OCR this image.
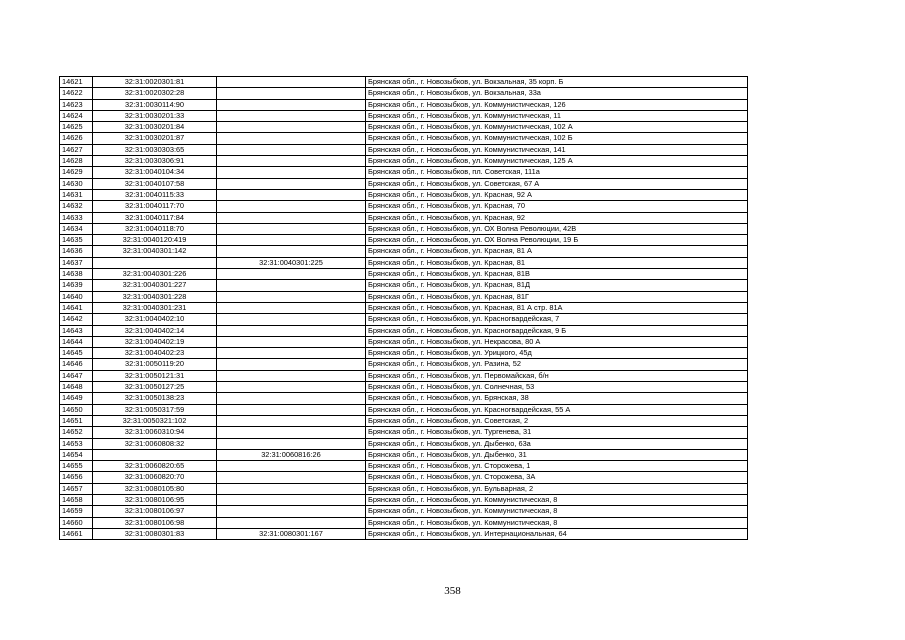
14621	32:31:0020301:81		Брянская обл., г. Новозыбков, ул. Вокзальная, 35 корп. Б
14622	32:31:0020302:28		Брянская обл., г. Новозыбков, ул. Вокзальная, 33а
14623	32:31:0030114:90		Брянская обл., г. Новозыбков, ул. Коммунистическая, 126
14624	32:31:0030201:33		Брянская обл., г. Новозыбков, ул. Коммунистическая, 11
14625	32:31:0030201:84		Брянская обл., г. Новозыбков, ул. Коммунистическая, 102 А
14626	32:31:0030201:87		Брянская обл., г. Новозыбков, ул. Коммунистическая, 102 Б
14627	32:31:0030303:65		Брянская обл., г. Новозыбков, ул. Коммунистическая, 141
14628	32:31:0030306:91		Брянская обл., г. Новозыбков, ул. Коммунистическая, 125 А
14629	32:31:0040104:34		Брянская обл., г. Новозыбков, пл. Советская, 111а
14630	32:31:0040107:58		Брянская обл., г. Новозыбков, ул. Советская, 67 А
14631	32:31:0040115:33		Брянская обл., г. Новозыбков, ул. Красная, 92 А
14632	32:31:0040117:70		Брянская обл., г. Новозыбков, ул. Красная, 70
14633	32:31:0040117:84		Брянская обл., г. Новозыбков, ул. Красная, 92
14634	32:31:0040118:70		Брянская обл., г. Новозыбков, ул. ОХ Волна Революции, 42В
14635	32:31:0040120:419		Брянская обл., г. Новозыбков, ул. ОХ Волна Революции, 19 Б
14636	32:31:0040301:142		Брянская обл., г. Новозыбков, ул. Красная, 81 А
14637		32:31:0040301:225	Брянская обл., г. Новозыбков, ул. Красная, 81
14638	32:31:0040301:226		Брянская обл., г. Новозыбков, ул. Красная, 81В
14639	32:31:0040301:227		Брянская обл., г. Новозыбков, ул. Красная, 81Д
14640	32:31:0040301:228		Брянская обл., г. Новозыбков, ул. Красная, 81Г
14641	32:31:0040301:231		Брянская обл., г. Новозыбков, ул. Красная, 81 А стр. 81А
14642	32:31:0040402:10		Брянская обл., г. Новозыбков, ул. Красногвардейская, 7
14643	32:31:0040402:14		Брянская обл., г. Новозыбков, ул. Красногвардейская, 9 Б
14644	32:31:0040402:19		Брянская обл., г. Новозыбков, ул. Некрасова, 80 А
14645	32:31:0040402:23		Брянская обл., г. Новозыбков, ул. Урицкого, 45д
14646	32:31:0050119:20		Брянская обл., г. Новозыбков, ул. Разина, 52
14647	32:31:0050121:31		Брянская обл., г. Новозыбков, ул. Первомайская, б/н
14648	32:31:0050127:25		Брянская обл., г. Новозыбков, ул. Солнечная, 53
14649	32:31:0050138:23		Брянская обл., г. Новозыбков, ул. Брянская, 38
14650	32:31:0050317:59		Брянская обл., г. Новозыбков, ул. Красногвардейская, 55 А
14651	32:31:0050321:102		Брянская обл., г. Новозыбков, ул. Советская, 2
14652	32:31:0060310:94		Брянская обл., г. Новозыбков, ул. Тургенева, 31
14653	32:31:0060808:32		Брянская обл., г. Новозыбков, ул. Дыбенко, 63а
14654		32:31:0060816:26	Брянская обл., г. Новозыбков, ул. Дыбенко, 31
14655	32:31:0060820:65		Брянская обл., г. Новозыбков, ул. Сторожева, 1
14656	32:31:0060820:70		Брянская обл., г. Новозыбков, ул. Сторожева, 3А
14657	32:31:0080105:80		Брянская обл., г. Новозыбков, ул. Бульварная, 2
14658	32:31:0080106:95		Брянская обл., г. Новозыбков, ул. Коммунистическая, 8
14659	32:31:0080106:97		Брянская обл., г. Новозыбков, ул. Коммунистическая, 8
14660	32:31:0080106:98		Брянская обл., г. Новозыбков, ул. Коммунистическая, 8
14661	32:31:0080301:83	32:31:0080301:167	Брянская обл., г. Новозыбков, ул. Интернациональная, 64
358
